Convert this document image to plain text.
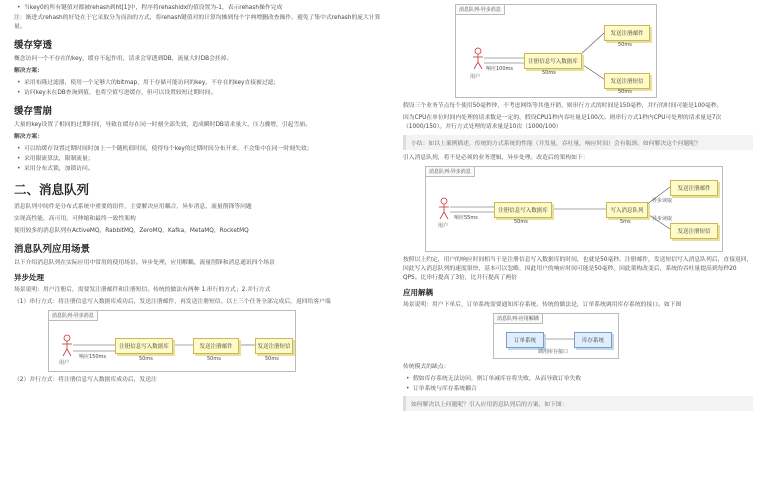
• 当key0的所有键值对都被rehash到ht[1]中，程序将rehashidx的值设置为-1，表示rehash操作完成

注：渐进式rehash的好处在于它采取分为而治的方式，将rehash键值对的计算均摊到每个字典增删改查操作，避免了集中式rehash的庞大计算量。

缓存穿透

概念访问一个不存在的key，缓存不起作用，请求会穿透到DB，流量大时DB会挂掉。

解决方案：

• 采用布隆过滤器，使用一个足够大的bitmap，用于存储可能访问的key，不存在的key直接被过滤；
• 访问key未在DB查询到值，也将空值写进缓存，但可以设置较短过期时间。
缓存雪崩

大量的key设置了相同的过期时间，导致在缓存在同一时刻全部失效，造成瞬时DB请求量大、压力骤增，引起雪崩。

解决方案：

• 可以给缓存设置过期时间时加上一个随机值时间，使得每个key的过期时间分布开来，不会集中在同一时刻失效；
• 采用限流算法，限制流量；
• 采用分布式锁，加锁访问。
二、消息队列

消息队列中间件是分布式系统中重要的组件，主要解决应用耦合，异步消息，流量削锋等问题

实现高性能，高可用，可伸缩和最终一致性架构

使用较多的消息队列有ActiveMQ，RabbitMQ，ZeroMQ，Kafka，MetaMQ，RocketMQ

消息队列应用场景

以下介绍消息队列在实际应用中常用的使用场景。异步处理，应用解耦，流量削锋和消息通讯四个场景

异步处理

场景说明：用户注册后，需要发注册邮件和注册短信。传统的做法有两种 1.串行的方式；2.并行方式

（1）串行方式：将注册信息写入数据库成功后，发送注册邮件，再发送注册短信。以上三个任务全部完成后，返回给客户端

消息队列-异步消息
注册信息写入数据库	发送注册邮件	发送注册短信
响应150ms
用户
50ms	50ms	50ms

（2）并行方式：将注册信息写入数据库成功后，发送注

消息队列-异步消息
注册信息写入数据库
发送注册邮件
发送注册短信
响应100ms
用户
50ms
50ms
50ms

假设三个业务节点每个使用50毫秒钟，不考虑网络等其他开销，则串行方式的时间是150毫秒，并行的时间可能是100毫秒。

因为CPU在单位时间内处理的请求数是一定的，假设CPU1秒内吞吐量是100次。则串行方式1秒内CPU可处理的请求量是7次（1000/150）。并行方式处理的请求量是10次（1000/100）

小结：如以上案例描述，传统的方式系统的性能（并发量，吞吐量，响应时间）会有瓶颈。如何解决这个问题呢？

引入消息队列，将不是必须的业务逻辑，异步处理。改造后的架构如下：

消息队列-异步消息
注册信息写入数据库	写入消息队列
发送注册邮件
发送注册短信
响应55ms
用户
50ms	5ms
异步读取
异步读取

按照以上约定，用户的响应时间相当于是注册信息写入数据库的时间，也就是50毫秒。注册邮件，发送短信写入消息队列后，直接返回，因此写入消息队列的速度很快，基本可以忽略，因此用户的响应时间可能是50毫秒。因此架构改变后，系统的吞吐量提高到每秒20 QPS。比串行提高了3倍，比并行提高了两倍

应用解耦

场景说明：用户下单后，订单系统需要通知库存系统。传统的做法是，订单系统调用库存系统的接口。如下图

消息队列-应用解耦
订单系统	库存系统
调用库存接口

传统模式的缺点：

• 假如库存系统无法访问，则订单减库存将失败，从而导致订单失败
• 订单系统与库存系统耦合
如何解决以上问题呢？引入应用消息队列后的方案，如下图：
